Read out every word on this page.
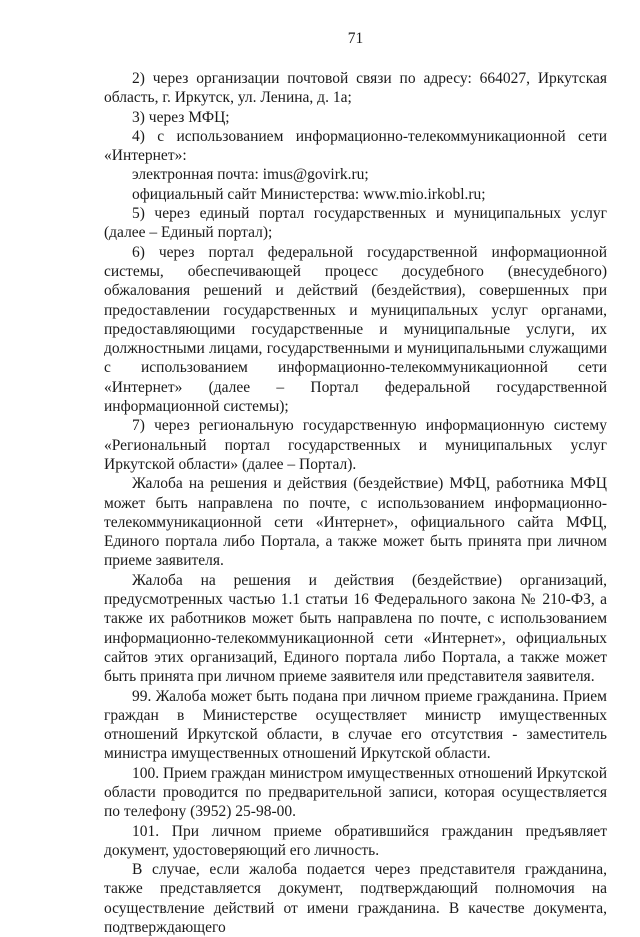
71

2) через организации почтовой связи по адресу: 664027, Иркутская область, г. Иркутск, ул. Ленина, д. 1а;

3) через МФЦ;

4) с использованием информационно-телекоммуникационной сети «Интернет»:

электронная почта: imus@govirk.ru;

официальный сайт Министерства: www.mio.irkobl.ru;

5) через единый портал государственных и муниципальных услуг (далее – Единый портал);

6) через портал федеральной государственной информационной системы, обеспечивающей процесс досудебного (внесудебного) обжалования решений и действий (бездействия), совершенных при предоставлении государственных и муниципальных услуг органами, предоставляющими государственные и муниципальные услуги, их должностными лицами, государственными и муниципальными служащими с использованием информационно-телекоммуникационной сети «Интернет» (далее – Портал федеральной государственной информационной системы);

7) через региональную государственную информационную систему «Региональный портал государственных и муниципальных услуг Иркутской области» (далее – Портал).

Жалоба на решения и действия (бездействие) МФЦ, работника МФЦ может быть направлена по почте, с использованием информационно-телекоммуникационной сети «Интернет», официального сайта МФЦ, Единого портала либо Портала, а также может быть принята при личном приеме заявителя.

Жалоба на решения и действия (бездействие) организаций, предусмотренных частью 1.1 статьи 16 Федерального закона № 210-ФЗ, а также их работников может быть направлена по почте, с использованием информационно-телекоммуникационной сети «Интернет», официальных сайтов этих организаций, Единого портала либо Портала, а также может быть принята при личном приеме заявителя или представителя заявителя.

99. Жалоба может быть подана при личном приеме гражданина. Прием граждан в Министерстве осуществляет министр имущественных отношений Иркутской области, в случае его отсутствия - заместитель министра имущественных отношений Иркутской области.

100. Прием граждан министром имущественных отношений Иркутской области проводится по предварительной записи, которая осуществляется по телефону (3952) 25-98-00.

101. При личном приеме обратившийся гражданин предъявляет документ, удостоверяющий его личность.

В случае, если жалоба подается через представителя гражданина, также представляется документ, подтверждающий полномочия на осуществление действий от имени гражданина. В качестве документа, подтверждающего
